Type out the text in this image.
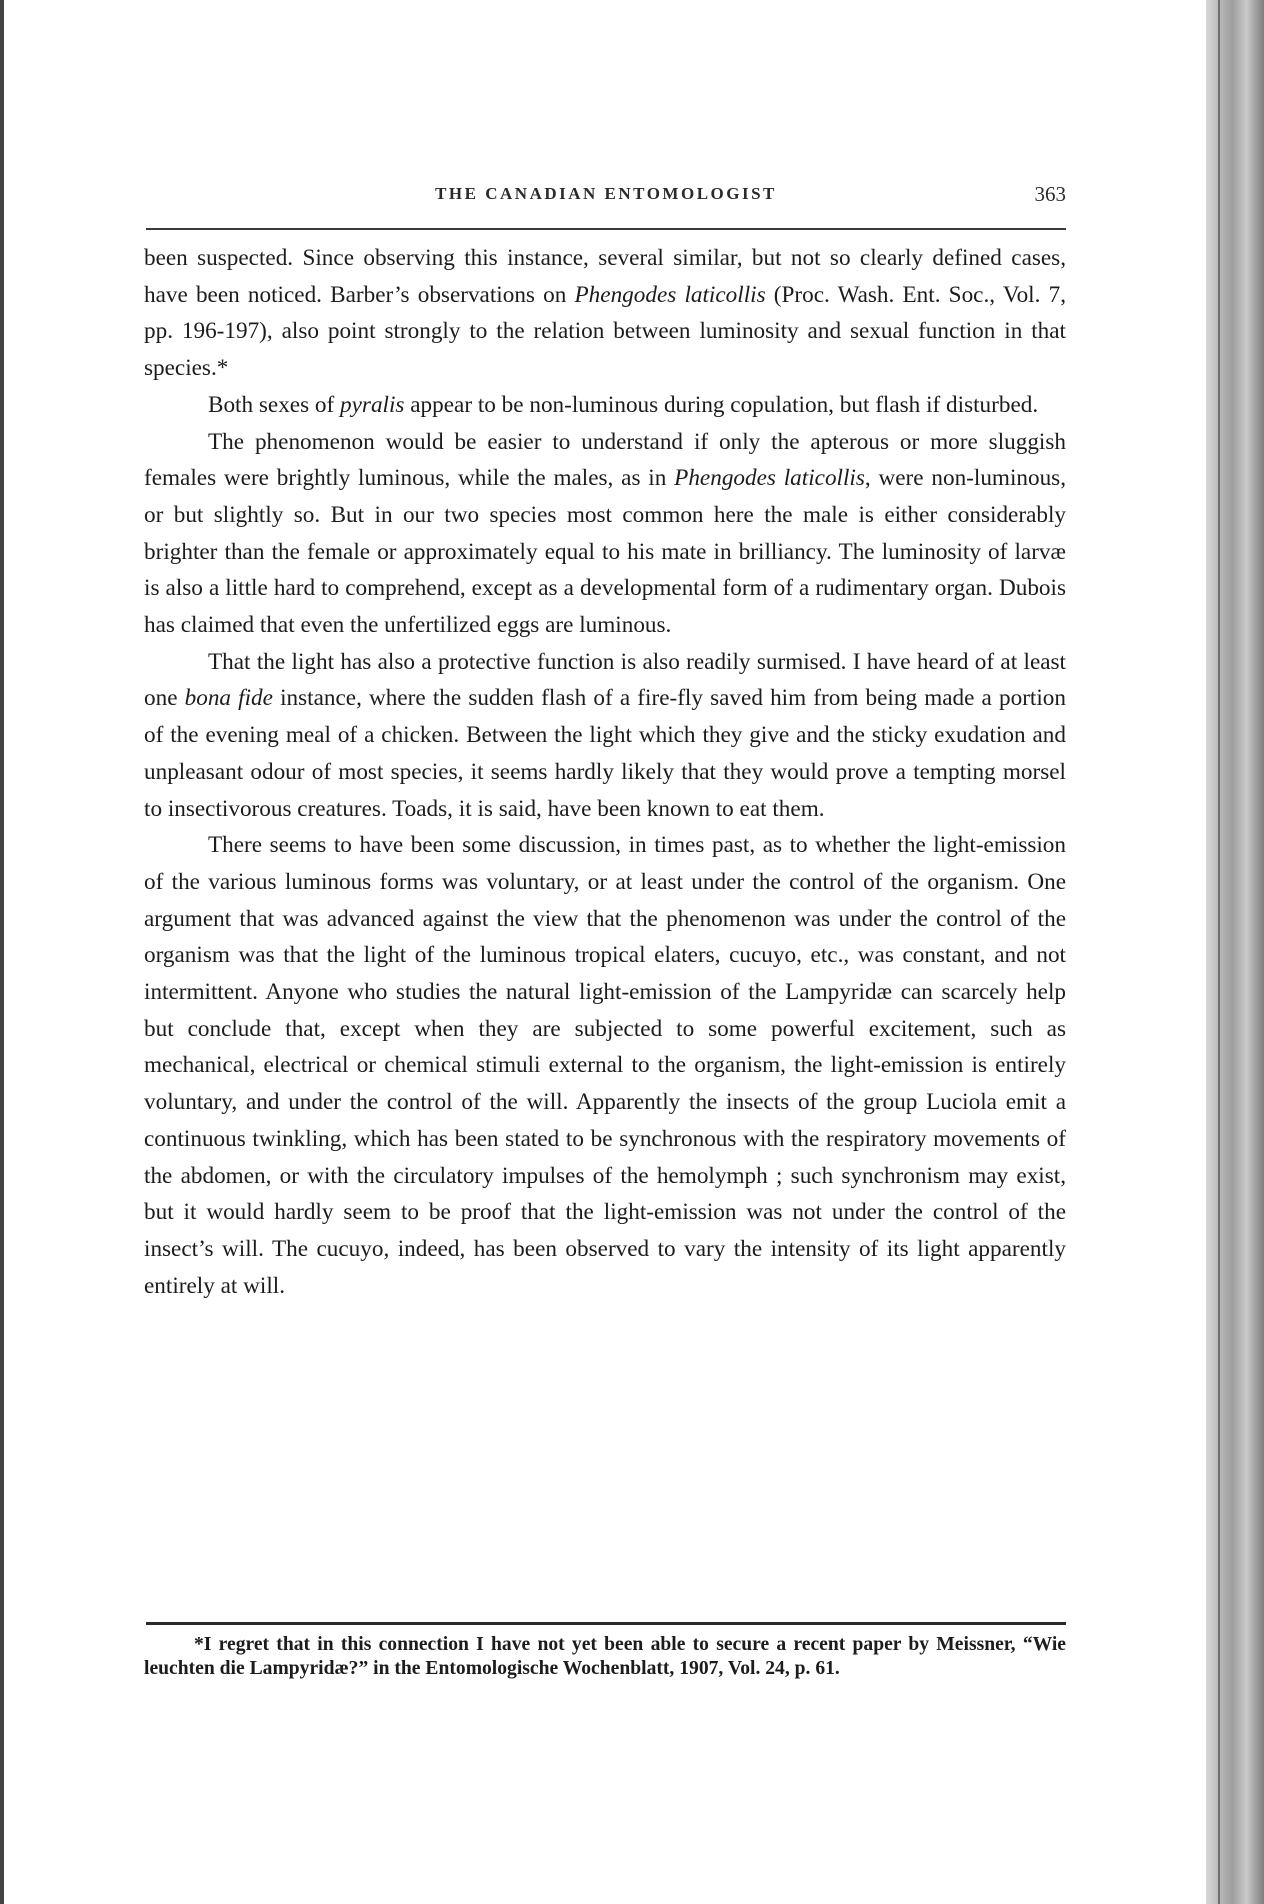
THE CANADIAN ENTOMOLOGIST	363

been suspected. Since observing this instance, several similar, but not so clearly defined cases, have been noticed. Barber’s observations on Phengodes laticollis (Proc. Wash. Ent. Soc., Vol. 7, pp. 196-197), also point strongly to the relation between luminosity and sexual function in that species.*

Both sexes of pyralis appear to be non-luminous during copulation, but flash if disturbed.

The phenomenon would be easier to understand if only the apterous or more sluggish females were brightly luminous, while the males, as in Phengodes laticollis, were non-luminous, or but slightly so. But in our two species most common here the male is either considerably brighter than the female or approximately equal to his mate in brilliancy. The luminosity of larvæ is also a little hard to comprehend, except as a developmental form of a rudimentary organ. Dubois has claimed that even the unfertilized eggs are luminous.

That the light has also a protective function is also readily surmised. I have heard of at least one bona fide instance, where the sudden flash of a fire-fly saved him from being made a portion of the evening meal of a chicken. Between the light which they give and the sticky exudation and unpleasant odour of most species, it seems hardly likely that they would prove a tempting morsel to insectivorous creatures. Toads, it is said, have been known to eat them.

There seems to have been some discussion, in times past, as to whether the light-emission of the various luminous forms was voluntary, or at least under the control of the organism. One argument that was advanced against the view that the phenomenon was under the control of the organism was that the light of the luminous tropical elaters, cucuyo, etc., was constant, and not intermittent. Anyone who studies the natural light-emission of the Lampyridæ can scarcely help but conclude that, except when they are subjected to some powerful excitement, such as mechanical, electrical or chemical stimuli external to the organism, the light-emission is entirely voluntary, and under the control of the will. Apparently the insects of the group Luciola emit a continuous twinkling, which has been stated to be synchronous with the respiratory movements of the abdomen, or with the circulatory impulses of the hemolymph ; such synchronism may exist, but it would hardly seem to be proof that the light-emission was not under the control of the insect’s will. The cucuyo, indeed, has been observed to vary the intensity of its light apparently entirely at will.

*I regret that in this connection I have not yet been able to secure a recent paper by Meissner, “Wie leuchten die Lampyridæ?” in the Entomologische Wochenblatt, 1907, Vol. 24, p. 61.
